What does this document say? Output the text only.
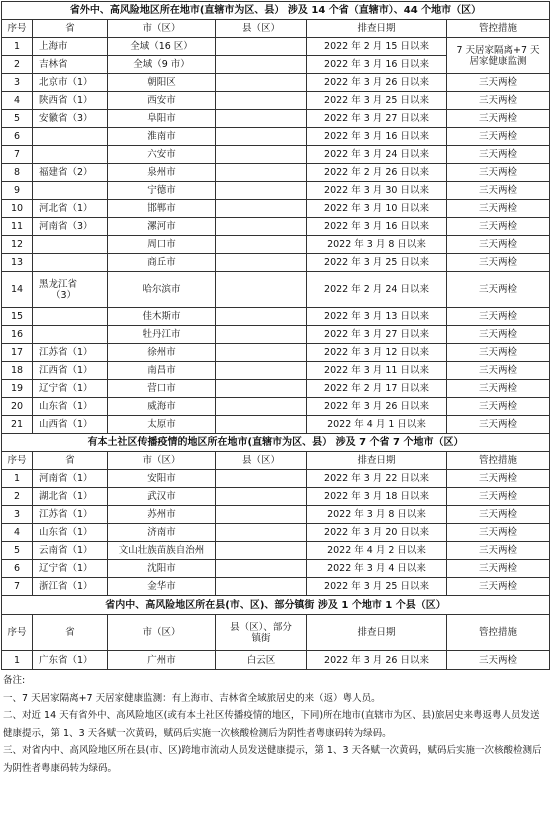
省外中、高风险地区所在地市(直辖市为区、县） 涉及 14 个省（直辖市）、44 个地市（区）					
序号	省	市（区）	县（区）	排查日期	管控措施
1	上海市	全域（16 区）		2022 年 2 月 15 日以来	7 天居家隔离+7 天
居家健康监测
2	吉林省	全域（9 市）		2022 年 3 月 16 日以来	
3	北京市（1）	朝阳区		2022 年 3 月 26 日以来	三天两检
4	陕西省（1）	西安市		2022 年 3 月 25 日以来	三天两检
5	安徽省（3）	阜阳市		2022 年 3 月 27 日以来	三天两检
6		淮南市		2022 年 3 月 16 日以来	三天两检
7		六安市		2022 年 3 月 24 日以来	三天两检
8	福建省（2）	泉州市		2022 年 2 月 26 日以来	三天两检
9		宁德市		2022 年 3 月 30 日以来	三天两检
10	河北省（1）	邯郸市		2022 年 3 月 10 日以来	三天两检
11	河南省（3）	漯河市		2022 年 3 月 16 日以来	三天两检
12		周口市		2022 年 3 月 8 日以来	三天两检
13		商丘市		2022 年 3 月 25 日以来	三天两检
14	黑龙江省
（3）	哈尔滨市		2022 年 2 月 24 日以来	三天两检
15		佳木斯市		2022 年 3 月 13 日以来	三天两检
16		牡丹江市		2022 年 3 月 27 日以来	三天两检
17	江苏省（1）	徐州市		2022 年 3 月 12 日以来	三天两检
18	江西省（1）	南昌市		2022 年 3 月 11 日以来	三天两检
19	辽宁省（1）	营口市		2022 年 2 月 17 日以来	三天两检
20	山东省（1）	威海市		2022 年 3 月 26 日以来	三天两检
21	山西省（1）	太原市		2022 年 4 月 1 日以来	三天两检
有本土社区传播疫情的地区所在地市(直辖市为区、县） 涉及 7 个省 7 个地市（区）					
序号	省	市（区）	县（区）	排查日期	管控措施
1	河南省（1）	安阳市		2022 年 3 月 22 日以来	三天两检
2	湖北省（1）	武汉市		2022 年 3 月 18 日以来	三天两检
3	江苏省（1）	苏州市		2022 年 3 月 8 日以来	三天两检
4	山东省（1）	济南市		2022 年 3 月 20 日以来	三天两检
5	云南省（1）	文山壮族苗族自治州		2022 年 4 月 2 日以来	三天两检
6	辽宁省（1）	沈阳市		2022 年 3 月 4 日以来	三天两检
7	浙江省（1）	金华市		2022 年 3 月 25 日以来	三天两检
省内中、高风险地区所在县(市、区)、部分镇街 涉及 1 个地市 1 个县（区）					
序号	省	市（区）	县（区）、部分
镇街	排查日期	管控措施
1	广东省（1）	广州市	白云区	2022 年 3 月 26 日以来	三天两检

备注:

一、7 天居家隔离+7 天居家健康监测：有上海市、吉林省全域旅居史的来（返）粤人员。

二、对近 14 天有省外中、高风险地区(或有本土社区传播疫情的地区，下同)所在地市(直辖市为区、县)旅居史来粤返粤人员发送健康提示，第 1、3 天各赋一次黄码，赋码后实施一次核酸检测后为阴性者粤康码转为绿码。

三、对省内中、高风险地区所在县(市、区)跨地市流动人员发送健康提示，第 1、3 天各赋一次黄码，赋码后实施一次核酸检测后为阴性者粤康码转为绿码。
